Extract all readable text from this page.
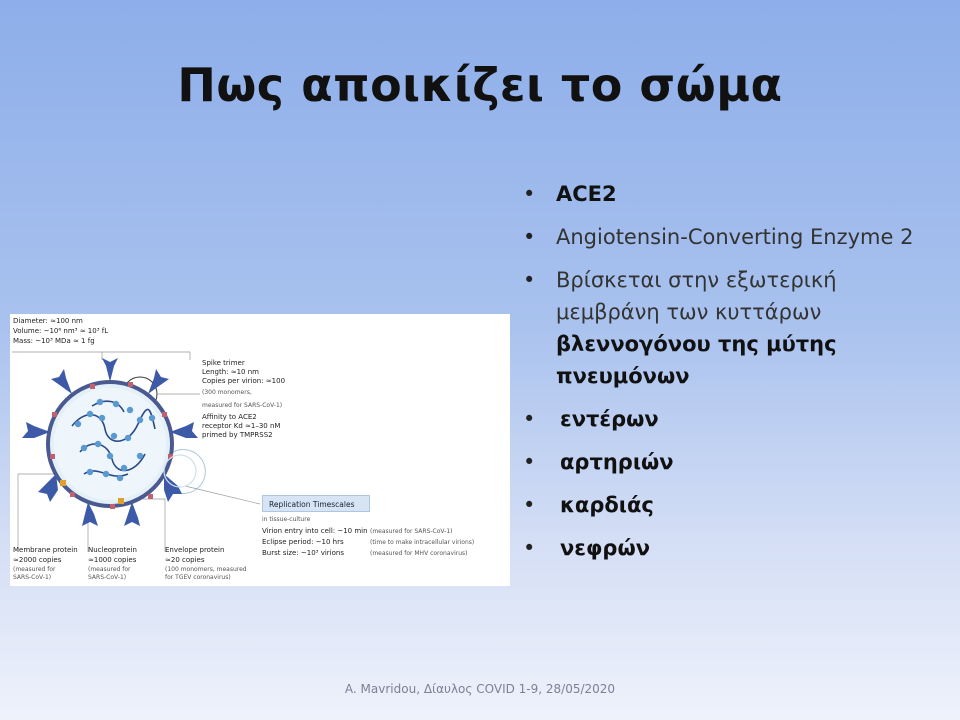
Πως αποικίζει το σώμα
• ACE2
• Angiotensin-Converting Enzyme 2
• Βρίσκεται στην εξωτερική μεμβράνη των κυττάρων βλεννογόνου της μύτης πνευμόνων
• εντέρων
• αρτηριών
• καρδιάς
• νεφρών
Diameter: ≈100 nm
Volume: ~10⁶ nm³ ≈ 10³ fL
Mass: ~10³ MDa ≈ 1 fg
Spike trimer
Length: ≈10 nm
Copies per virion: ≈100
(300 monomers,
measured for SARS-CoV-1)
Affinity to ACE2
receptor Kd ≈1–30 nM
primed by TMPRSS2
Replication Timescales
in tissue-culture
Virion entry into cell: ~10 min (measured for SARS-CoV-1)
Eclipse period: ~10 hrs	(time to make intracellular virions)
Burst size: ~10³ virions	(measured for MHV coronavirus)
Membrane protein
≈2000 copies
(measured for SARS-CoV-1)
Nucleoprotein
≈1000 copies
(measured for SARS-CoV-1)
Envelope protein
≈20 copies
(100 monomers, measured for TGEV coronavirus)
A. Mavridou, Δίαυλος COVID 1-9, 28/05/2020
